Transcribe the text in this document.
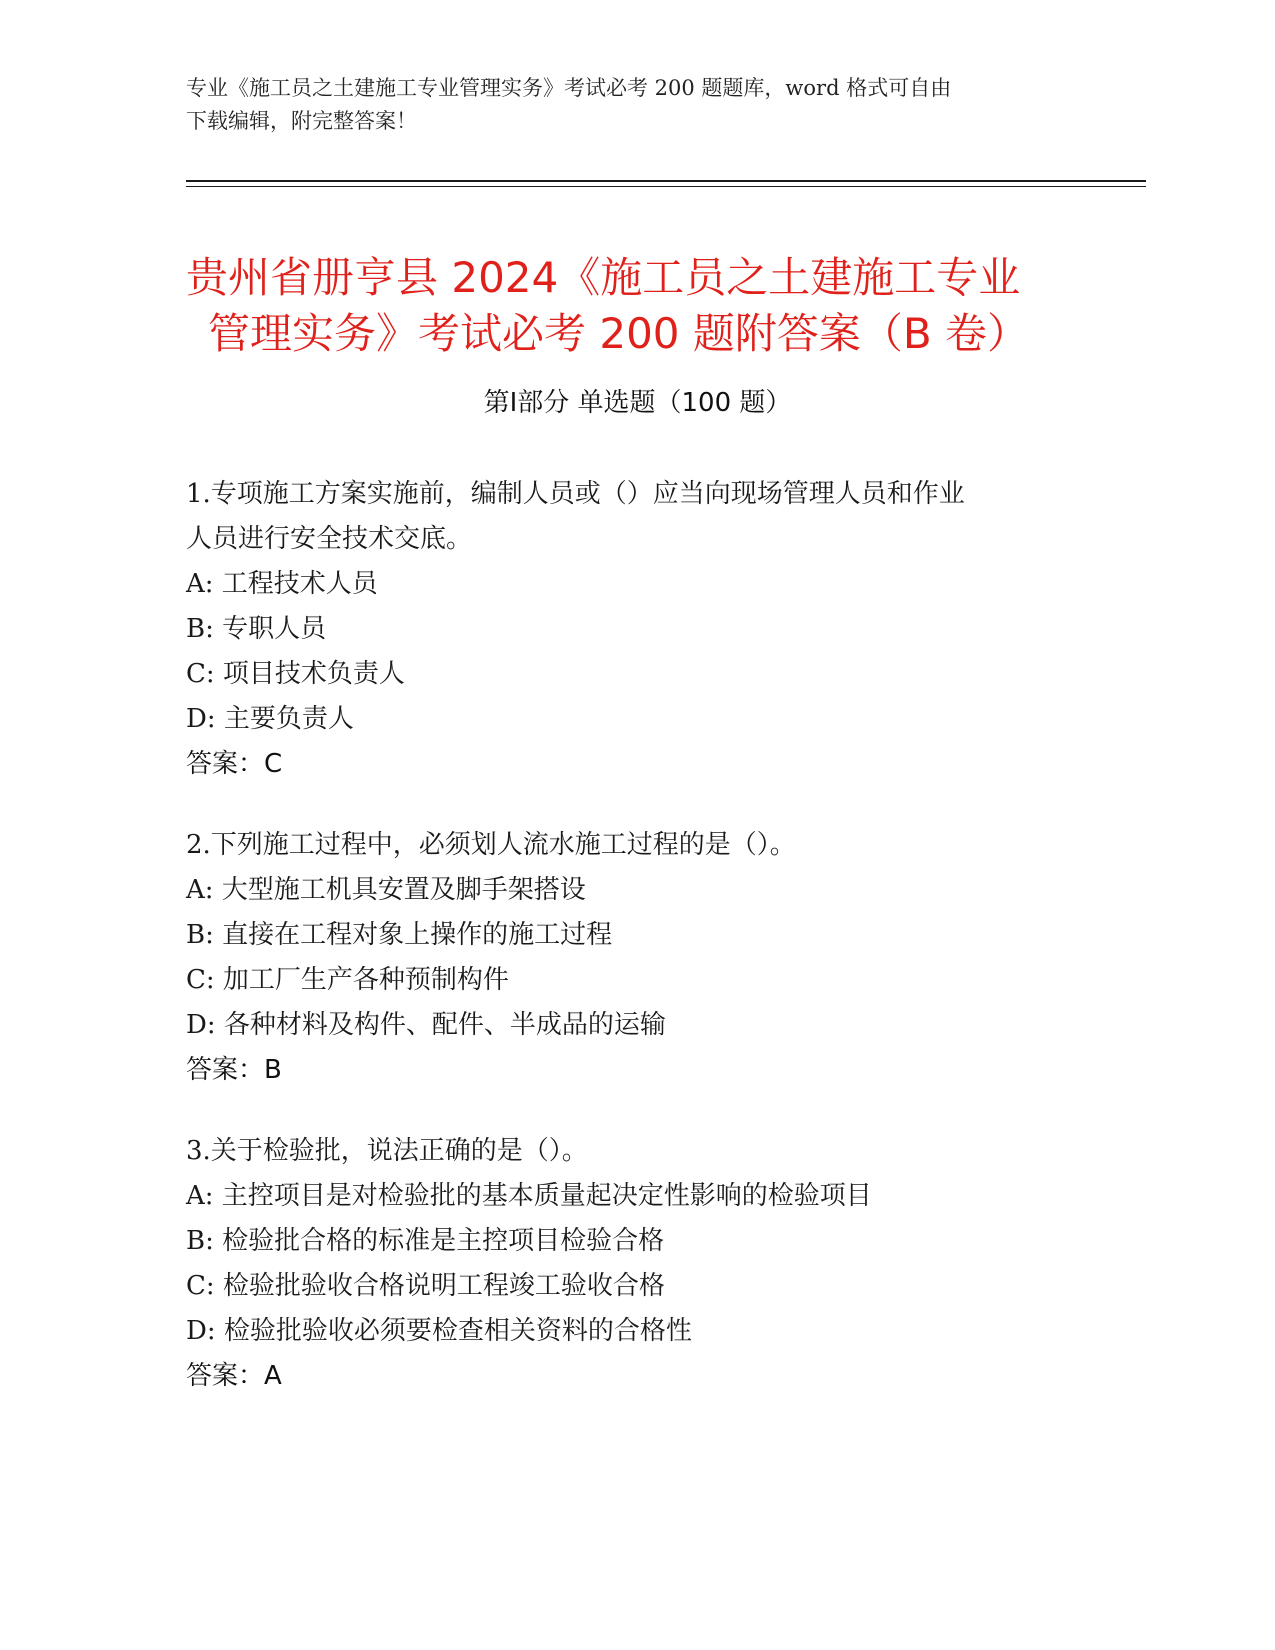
专业《施工员之土建施工专业管理实务》考试必考 200 题题库，word 格式可自由
下载编辑，附完整答案！
贵州省册亨县 2024《施工员之土建施工专业
管理实务》考试必考 200 题附答案（B 卷）
第Ⅰ部分 单选题（100 题）
1.专项施工方案实施前，编制人员或（）应当向现场管理人员和作业
人员进行安全技术交底。
A: 工程技术人员
B: 专职人员
C: 项目技术负责人
D: 主要负责人
答案：C
2.下列施工过程中，必须划人流水施工过程的是（）。
A: 大型施工机具安置及脚手架搭设
B: 直接在工程对象上操作的施工过程
C: 加工厂生产各种预制构件
D: 各种材料及构件、配件、半成品的运输
答案：B
3.关于检验批，说法正确的是（）。
A: 主控项目是对检验批的基本质量起决定性影响的检验项目
B: 检验批合格的标准是主控项目检验合格
C: 检验批验收合格说明工程竣工验收合格
D: 检验批验收必须要检查相关资料的合格性
答案：A
